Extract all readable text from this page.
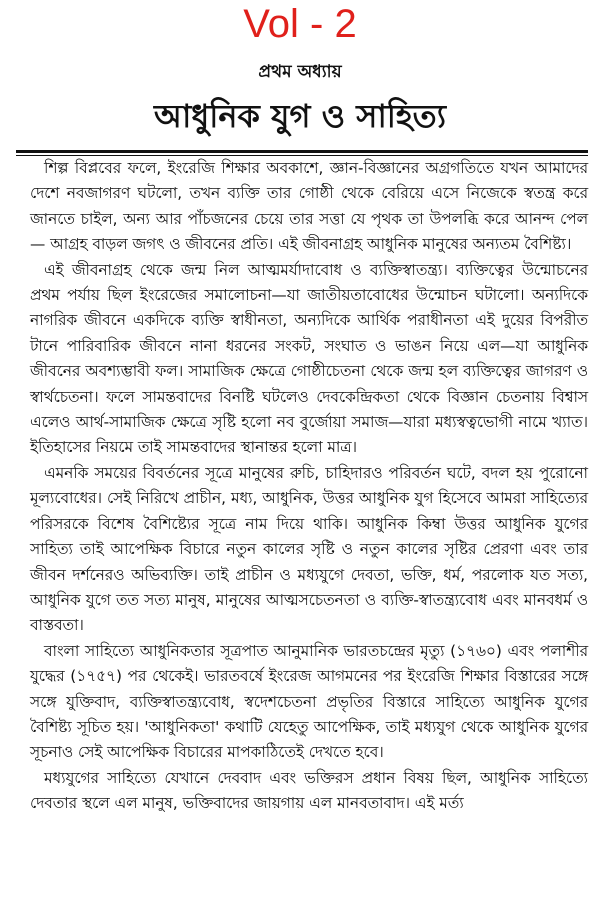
Vol - 2
প্রথম অধ্যায়
আধুনিক যুগ ও সাহিত্য

শিল্প বিপ্লবের ফলে, ইংরেজি শিক্ষার অবকাশে, জ্ঞান-বিজ্ঞানের অগ্রগতিতে যখন আমাদের দেশে নবজাগরণ ঘটলো, তখন ব্যক্তি তার গোষ্ঠী থেকে বেরিয়ে এসে নিজেকে স্বতন্ত্র করে জানতে চাইল, অন্য আর পাঁচজনের চেয়ে তার সত্তা যে পৃথক তা উপলব্ধি করে আনন্দ পেল— আগ্রহ বাড়ল জগৎ ও জীবনের প্রতি। এই জীবনাগ্রহ আধুনিক মানুষের অন্যতম বৈশিষ্ট্য।

এই জীবনাগ্রহ থেকে জন্ম নিল আত্মমর্যাদাবোধ ও ব্যক্তিস্বাতন্ত্র্য। ব্যক্তিত্বের উন্মোচনের প্রথম পর্যায় ছিল ইংরেজের সমালোচনা—যা জাতীয়তাবোধের উন্মোচন ঘটালো। অন্যদিকে নাগরিক জীবনে একদিকে ব্যক্তি স্বাধীনতা, অন্যদিকে আর্থিক পরাধীনতা এই দুয়ের বিপরীত টানে পারিবারিক জীবনে নানা ধরনের সংকট, সংঘাত ও ভাঙন নিয়ে এল—যা আধুনিক জীবনের অবশ্যম্ভাবী ফল। সামাজিক ক্ষেত্রে গোষ্ঠীচেতনা থেকে জন্ম হল ব্যক্তিত্বের জাগরণ ও স্বার্থচেতনা। ফলে সামন্তবাদের বিনষ্টি ঘটলেও দেবকেন্দ্রিকতা থেকে বিজ্ঞান চেতনায় বিশ্বাস এলেও আর্থ-সামাজিক ক্ষেত্রে সৃষ্টি হলো নব বুর্জোয়া সমাজ—যারা মধ্যস্বত্বভোগী নামে খ্যাত। ইতিহাসের নিয়মে তাই সামন্তবাদের স্থানান্তর হলো মাত্র।

এমনকি সময়ের বিবর্তনের সূত্রে মানুষের রুচি, চাহিদারও পরিবর্তন ঘটে, বদল হয় পুরোনো মূল্যবোধের। সেই নিরিখে প্রাচীন, মধ্য, আধুনিক, উত্তর আধুনিক যুগ হিসেবে আমরা সাহিত্যের পরিসরকে বিশেষ বৈশিষ্ট্যের সূত্রে নাম দিয়ে থাকি। আধুনিক কিম্বা উত্তর আধুনিক যুগের সাহিত্য তাই আপেক্ষিক বিচারে নতুন কালের সৃষ্টি ও নতুন কালের সৃষ্টির প্রেরণা এবং তার জীবন দর্শনেরও অভিব্যক্তি। তাই প্রাচীন ও মধ্যযুগে দেবতা, ভক্তি, ধর্ম, পরলোক যত সত্য, আধুনিক যুগে তত সত্য মানুষ, মানুষের আত্মসচেতনতা ও ব্যক্তি-স্বাতন্ত্র্যবোধ এবং মানবধর্ম ও বাস্তবতা।

বাংলা সাহিত্যে আধুনিকতার সূত্রপাত আনুমানিক ভারতচন্দ্রের মৃত্যু (১৭৬০) এবং পলাশীর যুদ্ধের (১৭৫৭) পর থেকেই। ভারতবর্ষে ইংরেজ আগমনের পর ইংরেজি শিক্ষার বিস্তারের সঙ্গে সঙ্গে যুক্তিবাদ, ব্যক্তিস্বাতন্ত্র্যবোধ, স্বদেশচেতনা প্রভৃতির বিস্তারে সাহিত্যে আধুনিক যুগের বৈশিষ্ট্য সূচিত হয়। 'আধুনিকতা' কথাটি যেহেতু আপেক্ষিক, তাই মধ্যযুগ থেকে আধুনিক যুগের সূচনাও সেই আপেক্ষিক বিচারের মাপকাঠিতেই দেখতে হবে।

মধ্যযুগের সাহিত্যে যেখানে দেববাদ এবং ভক্তিরস প্রধান বিষয় ছিল, আধুনিক সাহিত্যে দেবতার স্থলে এল মানুষ, ভক্তিবাদের জায়গায় এল মানবতাবাদ। এই মর্ত্য
